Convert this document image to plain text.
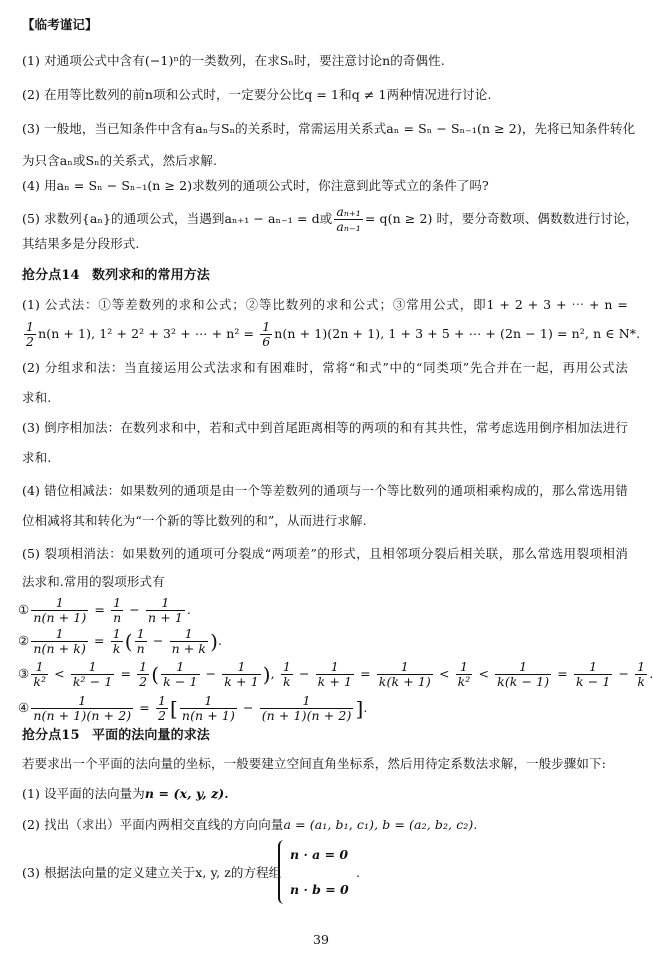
【临考谨记】
(1) 对通项公式中含有(−1)ⁿ的一类数列，在求Sₙ时，要注意讨论n的奇偶性.
(2) 在用等比数列的前n项和公式时，一定要分公比q = 1和q ≠ 1两种情况进行讨论.
(3) 一般地，当已知条件中含有aₙ与Sₙ的关系时，常需运用关系式aₙ = Sₙ − Sₙ₋₁(n ≥ 2)，先将已知条件转化
为只含aₙ或Sₙ的关系式，然后求解.
(4) 用aₙ = Sₙ − Sₙ₋₁(n ≥ 2)求数列的通项公式时，你注意到此等式立的条件了吗?
(5) 求数列{aₙ}的通项公式，当遇到aₙ₊₁ − aₙ₋₁ = d或 $\frac{\text{aₙ₊₁}}{\text{aₙ₋₁}} = q(n \ge 2)$ 时，要分奇数项、偶数数进行讨论，
其结果多是分段形式.
抢分点14 数列求和的常用方法
(1) 公式法：①等差数列的求和公式；②等比数列的求和公式；③常用公式，即1 + 2 + 3 + ⋯ + n =
$\frac{1}{2} n(n + 1)$, 1² + 2² + 3² + ⋯ + $n^2 = \frac{1}{6} n(n + 1)(2n + 1)$, 1 + 3 + 5 + ⋯ + (2n − 1) = n², n ∈ N*.
(2) 分组求和法：当直接运用公式法求和有困难时，常将“和式”中的“同类项”先合并在一起，再用公式法
求和.
(3) 倒序相加法：在数列求和中，若和式中到首尾距离相等的两项的和有其共性，常考虑选用倒序相加法进行
求和.
(4) 错位相减法：如果数列的通项是由一个等差数列的通项与一个等比数列的通项相乘构成的，那么常选用错
位相减将其和转化为“一个新的等比数列的和”，从而进行求解.
(5) 裂项相消法：如果数列的通项可分裂成“两项差”的形式，且相邻项分裂后相关联，那么常选用裂项相消
法求和.常用的裂项形式有
① $\frac{1}{n(n + 1)} = \frac{1}{n} - \frac{1}{n + 1}$ .
② $\frac{1}{n(n + k)} = \frac{1}{k}$ ( $\frac{1}{n} - \frac{1}{n + k}$ ).
③ $\frac{1}{\text{k²}} < \frac{1}{\text{k² − 1}} = \frac{1}{2}$ ( $\frac{1}{k - 1} - \frac{1}{k + 1}$ ), $\frac{1}{k} - \frac{1}{k + 1} = \frac{1}{k(k + 1)} < \frac{1}{\text{k²}} < \frac{1}{k(k - 1)} = \frac{1}{k - 1} - \frac{1}{k}$ .
④ $\frac{1}{n(n + 1)(n + 2)} = \frac{1}{2}$ [ $\frac{1}{n(n + 1)} - \frac{1}{(n + 1)(n + 2)}$ ].
抢分点15 平面的法向量的求法
若要求出一个平面的法向量的坐标，一般要建立空间直角坐标系，然后用待定系数法求解，一般步骤如下:
(1) 设平面的法向量为n = (x, y, z).
(2) 找出（求出）平面内两相交直线的方向向量a = (a₁, b₁, c₁), b = (a₂, b₂, c₂).
(3) 根据法向量的定义建立关于x, y, z的方程组
n · a = 0
n · b = 0
.
39
